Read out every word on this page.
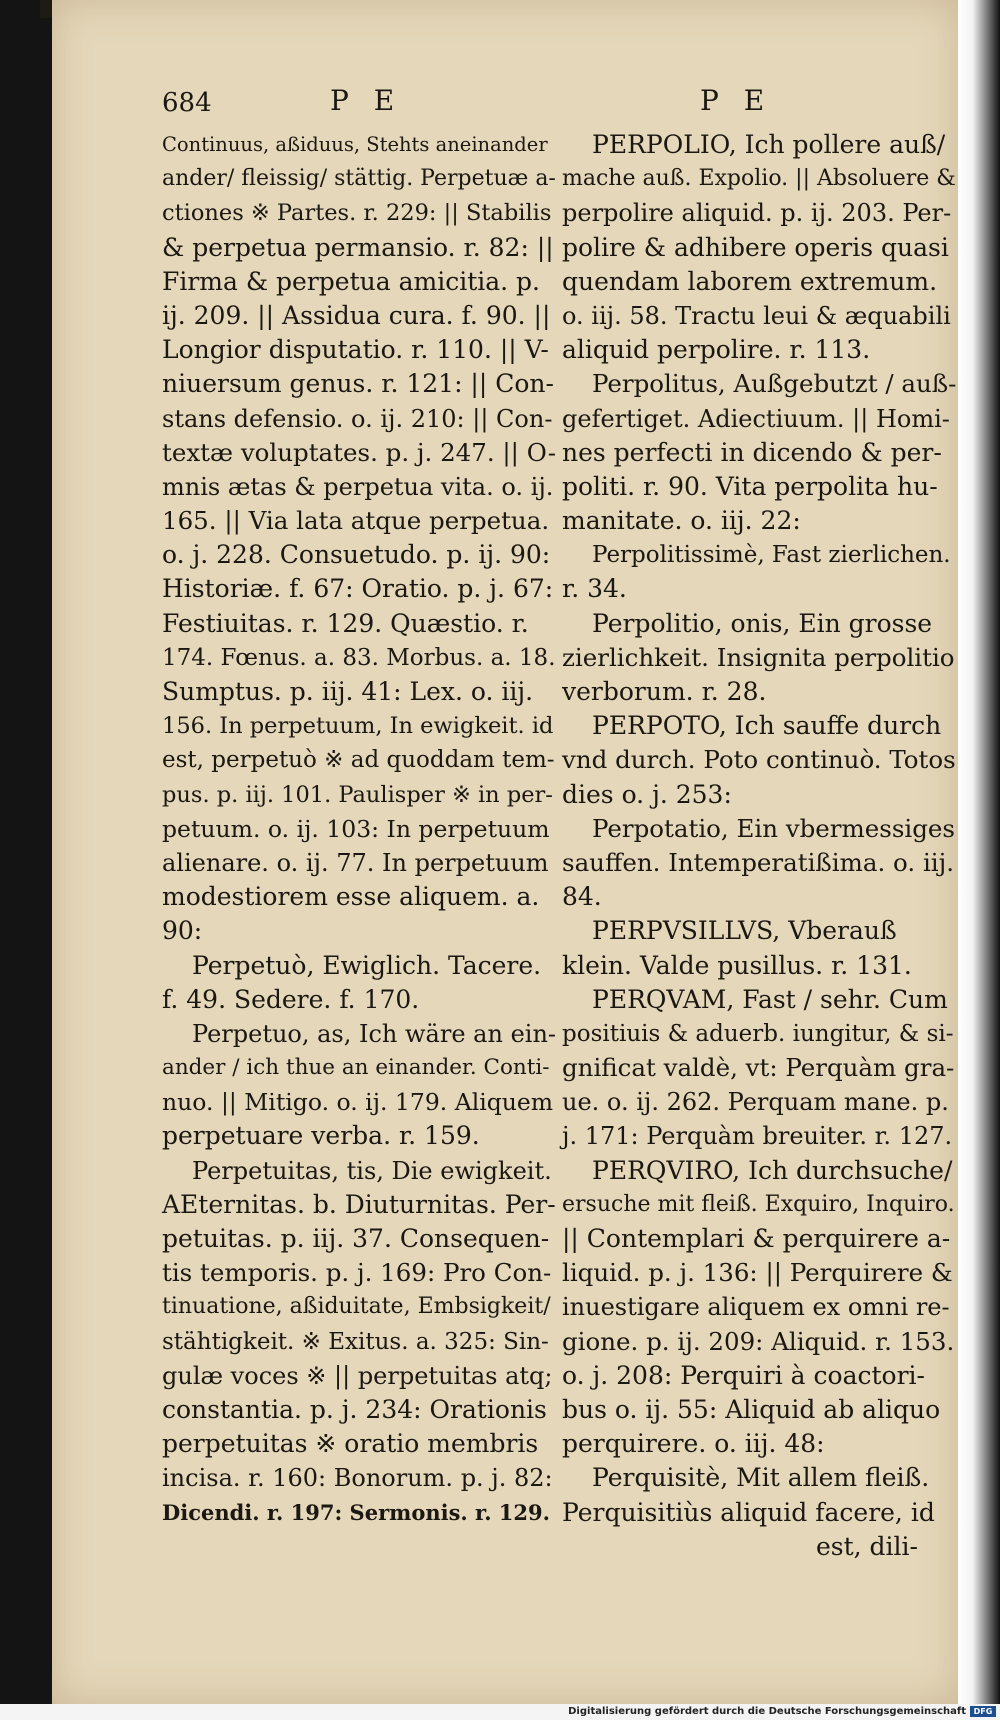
684	P E	P E
Continuus, aßiduus, Stehts aneinander
ander/ fleissig/ stättig. Perpetuæ a-
ctiones ※ Partes. r. 229: || Stabilis
& perpetua permansio. r. 82: ||
Firma & perpetua amicitia. p.
ij. 209. || Assidua cura. f. 90. ||
Longior disputatio. r. 110. || V-
niuersum genus. r. 121: || Con-
stans defensio. o. ij. 210: || Con-
textæ voluptates. p. j. 247. || O-
mnis ætas & perpetua vita. o. ij.
165. || Via lata atque perpetua.
o. j. 228. Consuetudo. p. ij. 90:
Historiæ. f. 67: Oratio. p. j. 67:
Festiuitas. r. 129. Quæstio. r.
174. Fœnus. a. 83. Morbus. a. 18.
Sumptus. p. iij. 41: Lex. o. iij.
156. In perpetuum, In ewigkeit. id
est, perpetuò ※ ad quoddam tem-
pus. p. iij. 101. Paulisper ※ in per-
petuum. o. ij. 103: In perpetuum
alienare. o. ij. 77. In perpetuum
modestiorem esse aliquem. a.
90:
Perpetuò, Ewiglich. Tacere.
f. 49. Sedere. f. 170.
Perpetuo, as, Ich wäre an ein-
ander / ich thue an einander. Conti-
nuo. || Mitigo. o. ij. 179. Aliquem
perpetuare verba. r. 159.
Perpetuitas, tis, Die ewigkeit.
AEternitas. b. Diuturnitas. Per-
petuitas. p. iij. 37. Consequen-
tis temporis. p. j. 169: Pro Con-
tinuatione, aßiduitate, Embsigkeit/
stähtigkeit. ※ Exitus. a. 325: Sin-
gulæ voces ※ || perpetuitas atq;
constantia. p. j. 234: Orationis
perpetuitas ※ oratio membris
incisa. r. 160: Bonorum. p. j. 82:
Dicendi. r. 197: Sermonis. r. 129.
PERPOLIO, Ich pollere auß/
mache auß. Expolio. || Absoluere &
perpolire aliquid. p. ij. 203. Per-
polire & adhibere operis quasi
quendam laborem extremum.
o. iij. 58. Tractu leui & æquabili
aliquid perpolire. r. 113.
Perpolitus, Außgebutzt / auß-
gefertiget. Adiectiuum. || Homi-
nes perfecti in dicendo & per-
politi. r. 90. Vita perpolita hu-
manitate. o. iij. 22:
Perpolitissimè, Fast zierlichen.
r. 34.
Perpolitio, onis, Ein grosse
zierlichkeit. Insignita perpolitio
verborum. r. 28.
PERPOTO, Ich sauffe durch
vnd durch. Poto continuò. Totos
dies o. j. 253:
Perpotatio, Ein vbermessiges
sauffen. Intemperatißima. o. iij.
84.
PERPVSILLVS, Vberauß
klein. Valde pusillus. r. 131.
PERQVAM, Fast / sehr. Cum
positiuis & aduerb. iungitur, & si-
gnificat valdè, vt: Perquàm gra-
ue. o. ij. 262. Perquam mane. p.
j. 171: Perquàm breuiter. r. 127.
PERQVIRO, Ich durchsuche/
ersuche mit fleiß. Exquiro, Inquiro.
|| Contemplari & perquirere a-
liquid. p. j. 136: || Perquirere &
inuestigare aliquem ex omni re-
gione. p. ij. 209: Aliquid. r. 153.
o. j. 208: Perquiri à coactori-
bus o. ij. 55: Aliquid ab aliquo
perquirere. o. iij. 48:
Perquisitè, Mit allem fleiß.
Perquisitiùs aliquid facere, id
est, dili-
Digitalisierung gefördert durch die Deutsche Forschungsgemeinschaft DFG
